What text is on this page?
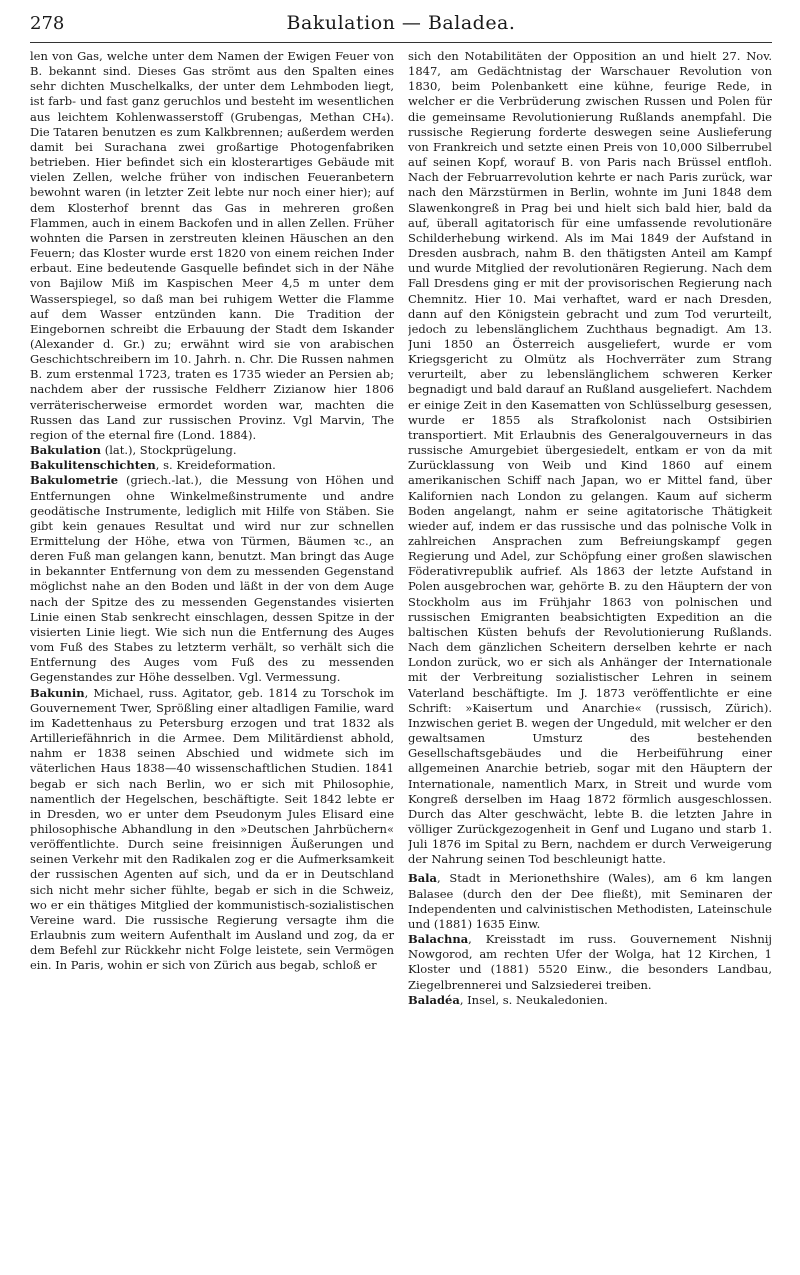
278	Bakulation — Baladea.

len von Gas, welche unter dem Namen der Ewigen Feuer von B. bekannt sind. Dieses Gas strömt aus den Spalten eines sehr dichten Muschelkalks, der unter dem Lehmboden liegt, ist farb- und fast ganz geruchlos und besteht im wesentlichen aus leichtem Kohlenwasserstoff (Grubengas, Methan CH₄). Die Tataren benutzen es zum Kalkbrennen; außerdem werden damit bei Surachana zwei großartige Photogenfabriken betrieben. Hier befindet sich ein klosterartiges Gebäude mit vielen Zellen, welche früher von indischen Feueranbetern bewohnt waren (in letzter Zeit lebte nur noch einer hier); auf dem Klosterhof brennt das Gas in mehreren großen Flammen, auch in einem Backofen und in allen Zellen. Früher wohnten die Parsen in zerstreuten kleinen Häuschen an den Feuern; das Kloster wurde erst 1820 von einem reichen Inder erbaut. Eine bedeutende Gasquelle befindet sich in der Nähe von Bajilow Miß im Kaspischen Meer 4,5 m unter dem Wasserspiegel, so daß man bei ruhigem Wetter die Flamme auf dem Wasser entzünden kann. Die Tradition der Eingebornen schreibt die Erbauung der Stadt dem Iskander (Alexander d. Gr.) zu; erwähnt wird sie von arabischen Geschichtschreibern im 10. Jahrh. n. Chr. Die Russen nahmen B. zum erstenmal 1723, traten es 1735 wieder an Persien ab; nachdem aber der russische Feldherr Zizianow hier 1806 verräterischerweise ermordet worden war, machten die Russen das Land zur russischen Provinz. Vgl Marvin, The region of the eternal fire (Lond. 1884).

Bakulation (lat.), Stockprügelung.

Bakulitenschichten, s. Kreideformation.

Bakulometrie (griech.-lat.), die Messung von Höhen und Entfernungen ohne Winkelmeßinstrumente und andre geodätische Instrumente, lediglich mit Hilfe von Stäben. Sie gibt kein genaues Resultat und wird nur zur schnellen Ermittelung der Höhe, etwa von Türmen, Bäumen ꝛc., an deren Fuß man gelangen kann, benutzt. Man bringt das Auge in bekannter Entfernung von dem zu messenden Gegenstand möglichst nahe an den Boden und läßt in der von dem Auge nach der Spitze des zu messenden Gegenstandes visierten Linie einen Stab senkrecht einschlagen, dessen Spitze in der visierten Linie liegt. Wie sich nun die Entfernung des Auges vom Fuß des Stabes zu letzterm verhält, so verhält sich die Entfernung des Auges vom Fuß des zu messenden Gegenstandes zur Höhe desselben. Vgl. Vermessung.

Bakunin, Michael, russ. Agitator, geb. 1814 zu Torschok im Gouvernement Twer, Sprößling einer altadligen Familie, ward im Kadettenhaus zu Petersburg erzogen und trat 1832 als Artilleriefähnrich in die Armee. Dem Militärdienst abhold, nahm er 1838 seinen Abschied und widmete sich im väterlichen Haus 1838—40 wissenschaftlichen Studien. 1841 begab er sich nach Berlin, wo er sich mit Philosophie, namentlich der Hegelschen, beschäftigte. Seit 1842 lebte er in Dresden, wo er unter dem Pseudonym Jules Elisard eine philosophische Abhandlung in den »Deutschen Jahrbüchern« veröffentlichte. Durch seine freisinnigen Äußerungen und seinen Verkehr mit den Radikalen zog er die Aufmerksamkeit der russischen Agenten auf sich, und da er in Deutschland sich nicht mehr sicher fühlte, begab er sich in die Schweiz, wo er ein thätiges Mitglied der kommunistisch-sozialistischen Vereine ward. Die russische Regierung versagte ihm die Erlaubnis zum weitern Aufenthalt im Ausland und zog, da er dem Befehl zur Rückkehr nicht Folge leistete, sein Vermögen ein. In Paris, wohin er sich von Zürich aus begab, schloß er

sich den Notabilitäten der Opposition an und hielt 27. Nov. 1847, am Gedächtnistag der Warschauer Revolution von 1830, beim Polenbankett eine kühne, feurige Rede, in welcher er die Verbrüderung zwischen Russen und Polen für die gemeinsame Revolutionierung Rußlands anempfahl. Die russische Regierung forderte deswegen seine Auslieferung von Frankreich und setzte einen Preis von 10,000 Silberrubel auf seinen Kopf, worauf B. von Paris nach Brüssel entfloh. Nach der Februarrevolution kehrte er nach Paris zurück, war nach den Märzstürmen in Berlin, wohnte im Juni 1848 dem Slawenkongreß in Prag bei und hielt sich bald hier, bald da auf, überall agitatorisch für eine umfassende revolutionäre Schilderhebung wirkend. Als im Mai 1849 der Aufstand in Dresden ausbrach, nahm B. den thätigsten Anteil am Kampf und wurde Mitglied der revolutionären Regierung. Nach dem Fall Dresdens ging er mit der provisorischen Regierung nach Chemnitz. Hier 10. Mai verhaftet, ward er nach Dresden, dann auf den Königstein gebracht und zum Tod verurteilt, jedoch zu lebenslänglichem Zuchthaus begnadigt. Am 13. Juni 1850 an Österreich ausgeliefert, wurde er vom Kriegsgericht zu Olmütz als Hochverräter zum Strang verurteilt, aber zu lebenslänglichem schweren Kerker begnadigt und bald darauf an Rußland ausgeliefert. Nachdem er einige Zeit in den Kasematten von Schlüsselburg gesessen, wurde er 1855 als Strafkolonist nach Ostsibirien transportiert. Mit Erlaubnis des Generalgouverneurs in das russische Amurgebiet übergesiedelt, entkam er von da mit Zurücklassung von Weib und Kind 1860 auf einem amerikanischen Schiff nach Japan, wo er Mittel fand, über Kalifornien nach London zu gelangen. Kaum auf sicherm Boden angelangt, nahm er seine agitatorische Thätigkeit wieder auf, indem er das russische und das polnische Volk in zahlreichen Ansprachen zum Befreiungskampf gegen Regierung und Adel, zur Schöpfung einer großen slawischen Föderativrepublik aufrief. Als 1863 der letzte Aufstand in Polen ausgebrochen war, gehörte B. zu den Häuptern der von Stockholm aus im Frühjahr 1863 von polnischen und russischen Emigranten beabsichtigten Expedition an die baltischen Küsten behufs der Revolutionierung Rußlands. Nach dem gänzlichen Scheitern derselben kehrte er nach London zurück, wo er sich als Anhänger der Internationale mit der Verbreitung sozialistischer Lehren in seinem Vaterland beschäftigte. Im J. 1873 veröffentlichte er eine Schrift: »Kaisertum und Anarchie« (russisch, Zürich). Inzwischen geriet B. wegen der Ungeduld, mit welcher er den gewaltsamen Umsturz des bestehenden Gesellschaftsgebäudes und die Herbeiführung einer allgemeinen Anarchie betrieb, sogar mit den Häuptern der Internationale, namentlich Marx, in Streit und wurde vom Kongreß derselben im Haag 1872 förmlich ausgeschlossen. Durch das Alter geschwächt, lebte B. die letzten Jahre in völliger Zurückgezogenheit in Genf und Lugano und starb 1. Juli 1876 im Spital zu Bern, nachdem er durch Verweigerung der Nahrung seinen Tod beschleunigt hatte.

Bala, Stadt in Merionethshire (Wales), am 6 km langen Balasee (durch den der Dee fließt), mit Seminaren der Independenten und calvinistischen Methodisten, Lateinschule und (1881) 1635 Einw.

Balachna, Kreisstadt im russ. Gouvernement Nishnij Nowgorod, am rechten Ufer der Wolga, hat 12 Kirchen, 1 Kloster und (1881) 5520 Einw., die besonders Landbau, Ziegelbrennerei und Salzsiederei treiben.

Baladéa, Insel, s. Neukaledonien.
